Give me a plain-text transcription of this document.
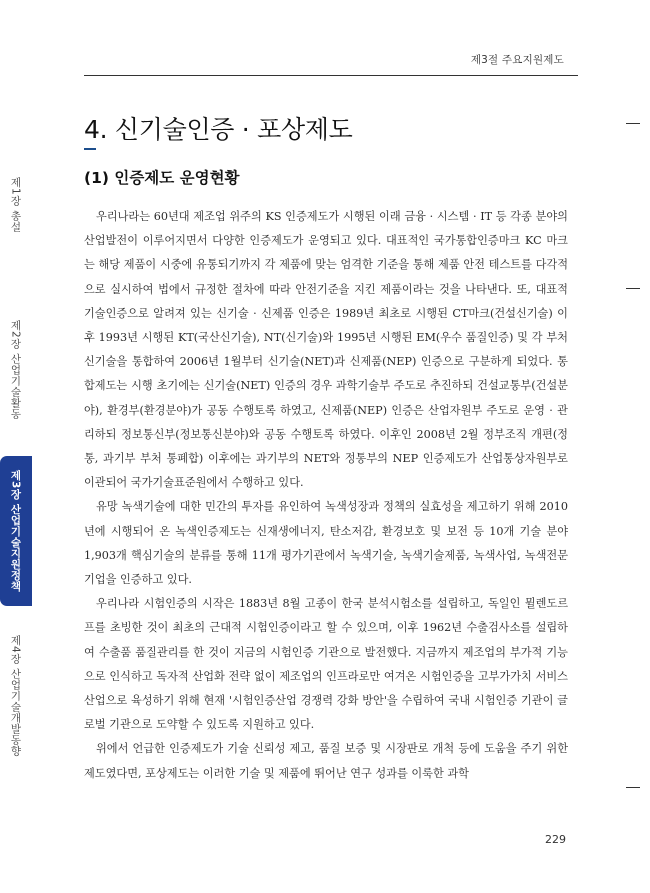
제3절 주요지원제도
4. 신기술인증 · 포상제도
(1) 인증제도 운영현황

우리나라는 60년대 제조업 위주의 KS 인증제도가 시행된 이래 금융 · 시스템 · IT 등 각종 분야의 산업발전이 이루어지면서 다양한 인증제도가 운영되고 있다. 대표적인 국가통합인증마크 KC 마크는 해당 제품이 시중에 유통되기까지 각 제품에 맞는 엄격한 기준을 통해 제품 안전 테스트를 다각적으로 실시하여 법에서 규정한 절차에 따라 안전기준을 지킨 제품이라는 것을 나타낸다. 또, 대표적 기술인증으로 알려져 있는 신기술 · 신제품 인증은 1989년 최초로 시행된 CT마크(건설신기술) 이후 1993년 시행된 KT(국산신기술), NT(신기술)와 1995년 시행된 EM(우수 품질인증) 및 각 부처 신기술을 통합하여 2006년 1월부터 신기술(NET)과 신제품(NEP) 인증으로 구분하게 되었다. 통합제도는 시행 초기에는 신기술(NET) 인증의 경우 과학기술부 주도로 추진하되 건설교통부(건설분야), 환경부(환경분야)가 공동 수행토록 하였고, 신제품(NEP) 인증은 산업자원부 주도로 운영 · 관리하되 정보통신부(정보통신분야)와 공동 수행토록 하였다. 이후인 2008년 2월 정부조직 개편(정통, 과기부 부처 통폐합) 이후에는 과기부의 NET와 정통부의 NEP 인증제도가 산업통상자원부로 이관되어 국가기술표준원에서 수행하고 있다.

유망 녹색기술에 대한 민간의 투자를 유인하여 녹색성장과 정책의 실효성을 제고하기 위해 2010년에 시행되어 온 녹색인증제도는 신재생에너지, 탄소저감, 환경보호 및 보전 등 10개 기술 분야 1,903개 핵심기술의 분류를 통해 11개 평가기관에서 녹색기술, 녹색기술제품, 녹색사업, 녹색전문기업을 인증하고 있다.

우리나라 시험인증의 시작은 1883년 8월 고종이 한국 분석시험소를 설립하고, 독일인 뮐렌도르프를 초빙한 것이 최초의 근대적 시험인증이라고 할 수 있으며, 이후 1962년 수출검사소를 설립하여 수출품 품질관리를 한 것이 지금의 시험인증 기관으로 발전했다. 지금까지 제조업의 부가적 기능으로 인식하고 독자적 산업화 전략 없이 제조업의 인프라로만 여겨온 시험인증을 고부가가치 서비스산업으로 육성하기 위해 현재 '시험인증산업 경쟁력 강화 방안'을 수립하여 국내 시험인증 기관이 글로벌 기관으로 도약할 수 있도록 지원하고 있다.

위에서 언급한 인증제도가 기술 신뢰성 제고, 품질 보증 및 시장판로 개척 등에 도움을 주기 위한 제도였다면, 포상제도는 이러한 기술 및 제품에 뛰어난 연구 성과를 이룩한 과학

제1장 총설
제2장 산업기술활동
제3장 산업기술지원정책
제4장 산업기술개발동향
229
